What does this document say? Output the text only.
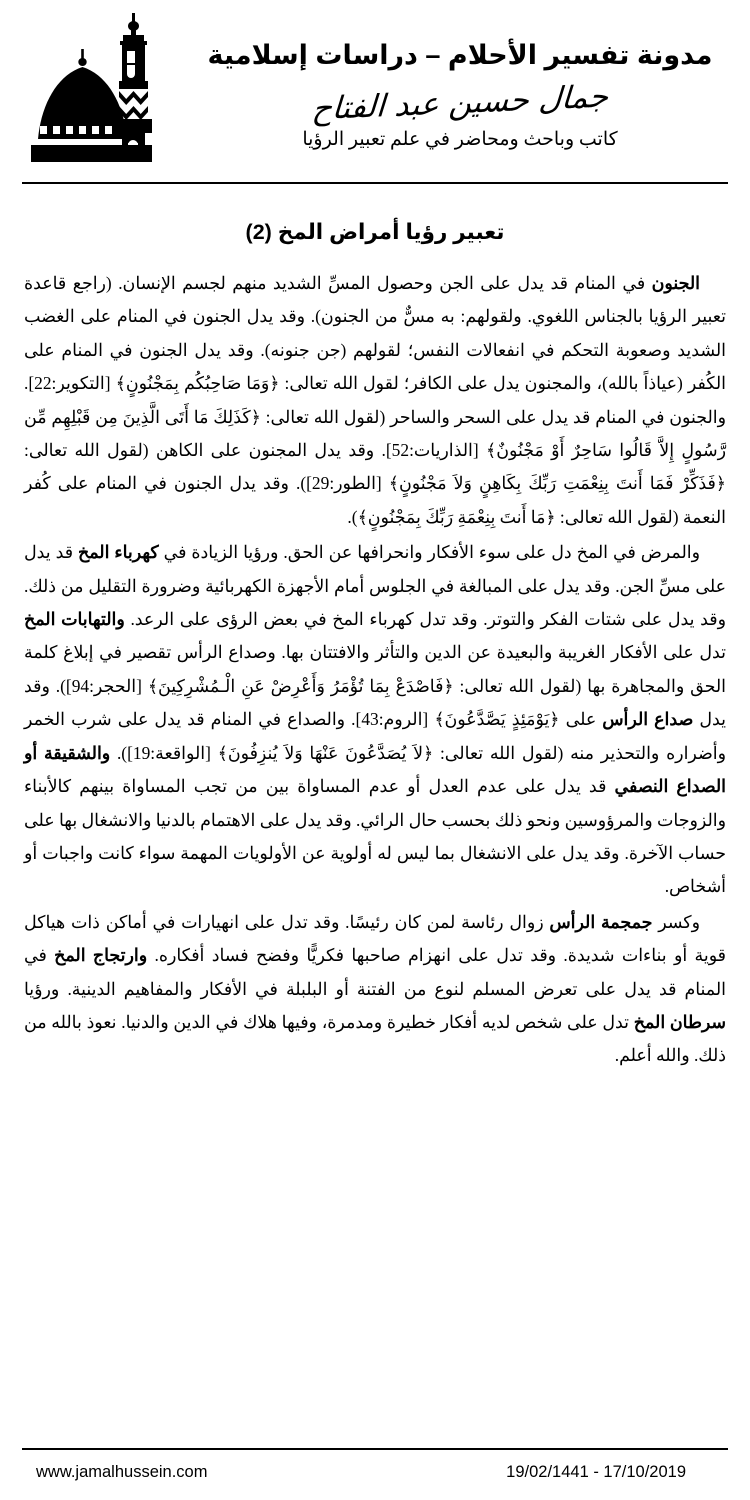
مدونة تفسير الأحلام – دراسات إسلامية
جمال حسين عبد الفتاح
كاتب وباحث ومحاضر في علم تعبير الرؤيا
تعبير رؤيا أمراض المخ (2)

الجنون في المنام قد يدل على الجن وحصول المسِّ الشديد منهم لجسم الإنسان. (راجع قاعدة تعبير الرؤيا بالجناس اللغوي. ولقولهم: به مسٌّ من الجنون). وقد يدل الجنون في المنام على الغضب الشديد وصعوبة التحكم في انفعالات النفس؛ لقولهم (جن جنونه). وقد يدل الجنون في المنام على الكُفر (عياذاً بالله)، والمجنون يدل على الكافر؛ لقول الله تعالى: ﴿وَمَا صَاحِبُكُم بِمَجْنُونٍ﴾ [التكوير:22]. والجنون في المنام قد يدل على السحر والساحر (لقول الله تعالى: ﴿كَذَلِكَ مَا أَتَى الَّذِينَ مِن قَبْلِهِم مِّن رَّسُولٍ إِلاَّ قَالُوا سَاحِرٌ أَوْ مَجْنُونٌ﴾ [الذاريات:52]. وقد يدل المجنون على الكاهن (لقول الله تعالى: ﴿فَذَكِّرْ فَمَا أَنتَ بِنِعْمَتِ رَبِّكَ بِكَاهِنٍ وَلاَ مَجْنُونٍ﴾ [الطور:29]). وقد يدل الجنون في المنام على كُفر النعمة (لقول الله تعالى: ﴿مَا أَنتَ بِنِعْمَةِ رَبِّكَ بِمَجْنُونٍ﴾).

والمرض في المخ دل على سوء الأفكار وانحرافها عن الحق. ورؤيا الزيادة في كهرباء المخ قد يدل على مسِّ الجن. وقد يدل على المبالغة في الجلوس أمام الأجهزة الكهربائية وضرورة التقليل من ذلك. وقد يدل على شتات الفكر والتوتر. وقد تدل كهرباء المخ في بعض الرؤى على الرعد. والتهابات المخ تدل على الأفكار الغريبة والبعيدة عن الدين والتأثر والافتتان بها. وصداع الرأس تقصير في إبلاغ كلمة الحق والمجاهرة بها (لقول الله تعالى: ﴿فَاصْدَعْ بِمَا تُؤْمَرُ وَأَعْرِضْ عَنِ الْـمُشْرِكِينَ﴾ [الحجر:94]). وقد يدل صداع الرأس على ﴿يَوْمَئِذٍ يَصَّدَّعُونَ﴾ [الروم:43]. والصداع في المنام قد يدل على شرب الخمر وأضراره والتحذير منه (لقول الله تعالى: ﴿لاَ يُصَدَّعُونَ عَنْهَا وَلاَ يُنزِفُونَ﴾ [الواقعة:19]). والشقيقة أو الصداع النصفي قد يدل على عدم العدل أو عدم المساواة بين من تجب المساواة بينهم كالأبناء والزوجات والمرؤوسين ونحو ذلك بحسب حال الرائي. وقد يدل على الاهتمام بالدنيا والانشغال بها على حساب الآخرة. وقد يدل على الانشغال بما ليس له أولوية عن الأولويات المهمة سواء كانت واجبات أو أشخاص.

وكسر جمجمة الرأس زوال رئاسة لمن كان رئيسًا. وقد تدل على انهيارات في أماكن ذات هياكل قوية أو بناءات شديدة. وقد تدل على انهزام صاحبها فكريًّا وفضح فساد أفكاره. وارتجاج المخ في المنام قد يدل على تعرض المسلم لنوع من الفتنة أو البلبلة في الأفكار والمفاهيم الدينية. ورؤيا سرطان المخ تدل على شخص لديه أفكار خطيرة ومدمرة، وفيها هلاك في الدين والدنيا. نعوذ بالله من ذلك. والله أعلم.

www.jamalhussein.com	19/02/1441 - 17/10/2019
